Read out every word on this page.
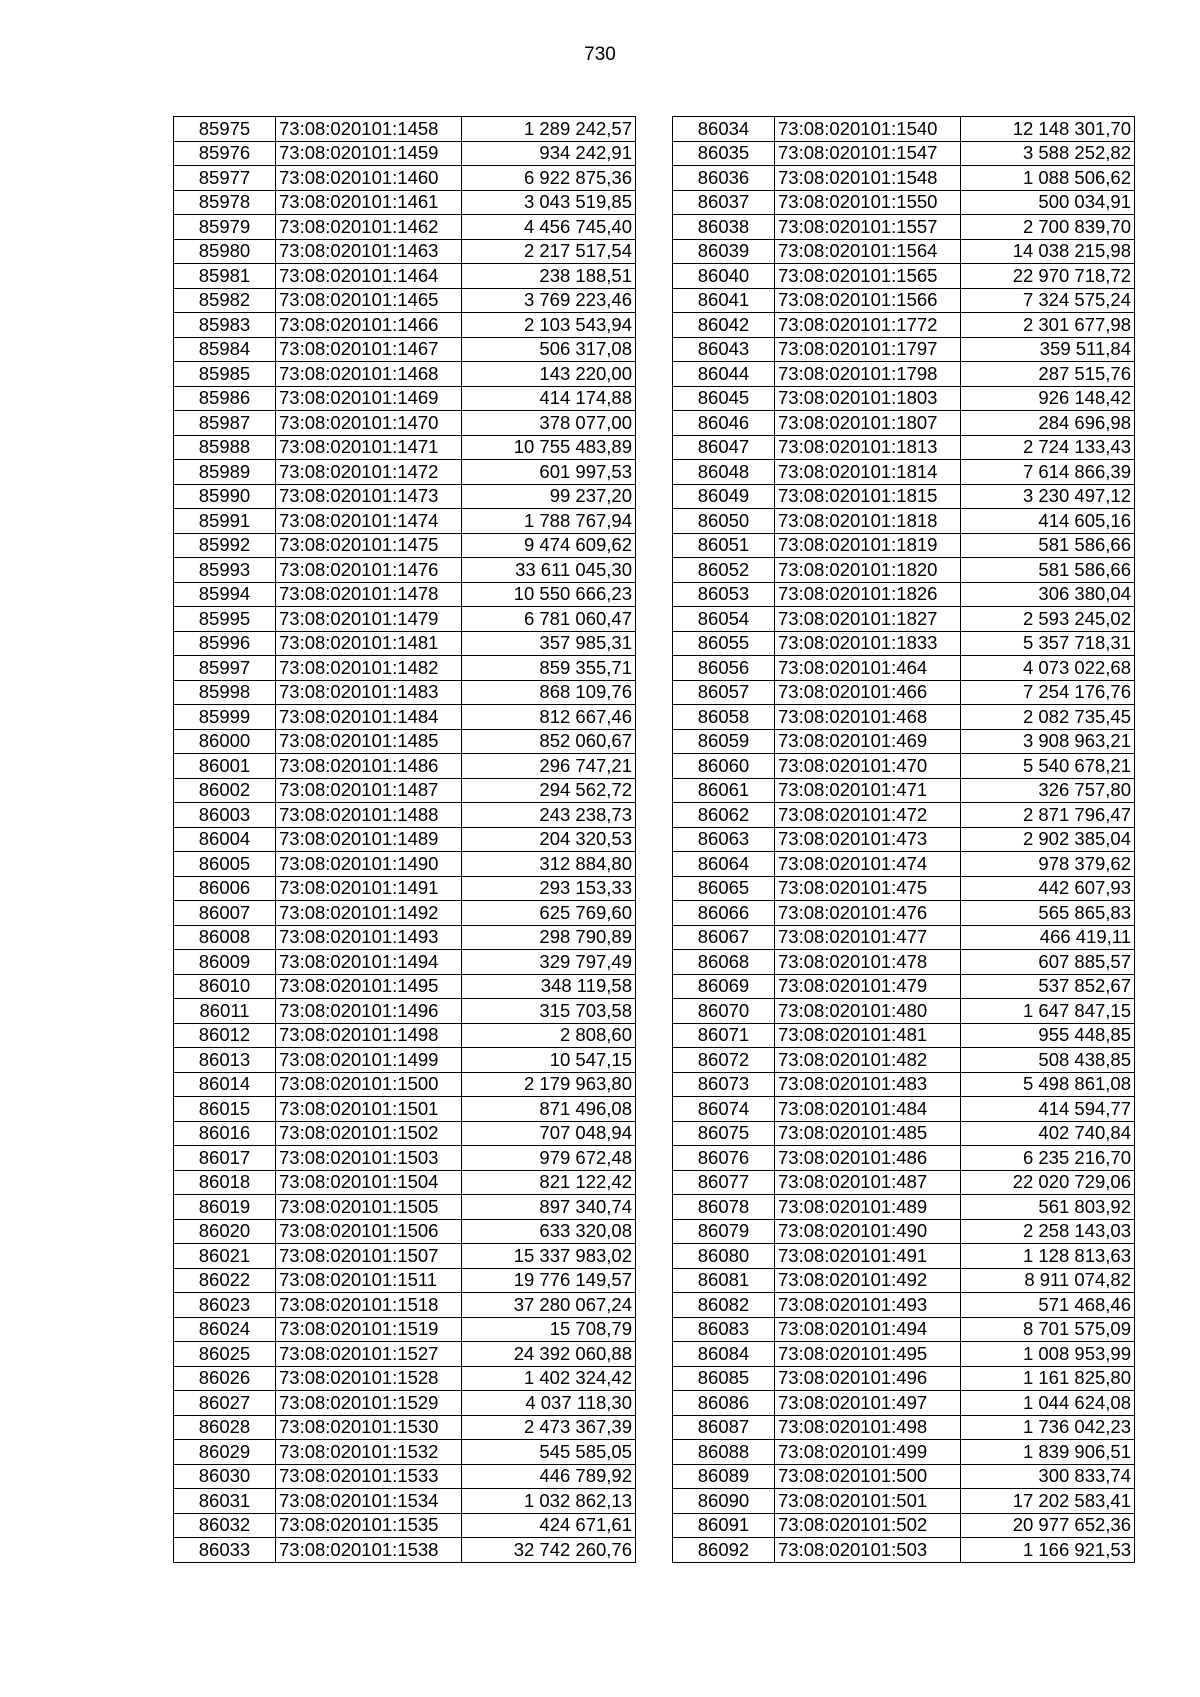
730
85975	73:08:020101:1458	1 289 242,57
85976	73:08:020101:1459	934 242,91
85977	73:08:020101:1460	6 922 875,36
85978	73:08:020101:1461	3 043 519,85
85979	73:08:020101:1462	4 456 745,40
85980	73:08:020101:1463	2 217 517,54
85981	73:08:020101:1464	238 188,51
85982	73:08:020101:1465	3 769 223,46
85983	73:08:020101:1466	2 103 543,94
85984	73:08:020101:1467	506 317,08
85985	73:08:020101:1468	143 220,00
85986	73:08:020101:1469	414 174,88
85987	73:08:020101:1470	378 077,00
85988	73:08:020101:1471	10 755 483,89
85989	73:08:020101:1472	601 997,53
85990	73:08:020101:1473	99 237,20
85991	73:08:020101:1474	1 788 767,94
85992	73:08:020101:1475	9 474 609,62
85993	73:08:020101:1476	33 611 045,30
85994	73:08:020101:1478	10 550 666,23
85995	73:08:020101:1479	6 781 060,47
85996	73:08:020101:1481	357 985,31
85997	73:08:020101:1482	859 355,71
85998	73:08:020101:1483	868 109,76
85999	73:08:020101:1484	812 667,46
86000	73:08:020101:1485	852 060,67
86001	73:08:020101:1486	296 747,21
86002	73:08:020101:1487	294 562,72
86003	73:08:020101:1488	243 238,73
86004	73:08:020101:1489	204 320,53
86005	73:08:020101:1490	312 884,80
86006	73:08:020101:1491	293 153,33
86007	73:08:020101:1492	625 769,60
86008	73:08:020101:1493	298 790,89
86009	73:08:020101:1494	329 797,49
86010	73:08:020101:1495	348 119,58
86011	73:08:020101:1496	315 703,58
86012	73:08:020101:1498	2 808,60
86013	73:08:020101:1499	10 547,15
86014	73:08:020101:1500	2 179 963,80
86015	73:08:020101:1501	871 496,08
86016	73:08:020101:1502	707 048,94
86017	73:08:020101:1503	979 672,48
86018	73:08:020101:1504	821 122,42
86019	73:08:020101:1505	897 340,74
86020	73:08:020101:1506	633 320,08
86021	73:08:020101:1507	15 337 983,02
86022	73:08:020101:1511	19 776 149,57
86023	73:08:020101:1518	37 280 067,24
86024	73:08:020101:1519	15 708,79
86025	73:08:020101:1527	24 392 060,88
86026	73:08:020101:1528	1 402 324,42
86027	73:08:020101:1529	4 037 118,30
86028	73:08:020101:1530	2 473 367,39
86029	73:08:020101:1532	545 585,05
86030	73:08:020101:1533	446 789,92
86031	73:08:020101:1534	1 032 862,13
86032	73:08:020101:1535	424 671,61
86033	73:08:020101:1538	32 742 260,76
86034	73:08:020101:1540	12 148 301,70
86035	73:08:020101:1547	3 588 252,82
86036	73:08:020101:1548	1 088 506,62
86037	73:08:020101:1550	500 034,91
86038	73:08:020101:1557	2 700 839,70
86039	73:08:020101:1564	14 038 215,98
86040	73:08:020101:1565	22 970 718,72
86041	73:08:020101:1566	7 324 575,24
86042	73:08:020101:1772	2 301 677,98
86043	73:08:020101:1797	359 511,84
86044	73:08:020101:1798	287 515,76
86045	73:08:020101:1803	926 148,42
86046	73:08:020101:1807	284 696,98
86047	73:08:020101:1813	2 724 133,43
86048	73:08:020101:1814	7 614 866,39
86049	73:08:020101:1815	3 230 497,12
86050	73:08:020101:1818	414 605,16
86051	73:08:020101:1819	581 586,66
86052	73:08:020101:1820	581 586,66
86053	73:08:020101:1826	306 380,04
86054	73:08:020101:1827	2 593 245,02
86055	73:08:020101:1833	5 357 718,31
86056	73:08:020101:464	4 073 022,68
86057	73:08:020101:466	7 254 176,76
86058	73:08:020101:468	2 082 735,45
86059	73:08:020101:469	3 908 963,21
86060	73:08:020101:470	5 540 678,21
86061	73:08:020101:471	326 757,80
86062	73:08:020101:472	2 871 796,47
86063	73:08:020101:473	2 902 385,04
86064	73:08:020101:474	978 379,62
86065	73:08:020101:475	442 607,93
86066	73:08:020101:476	565 865,83
86067	73:08:020101:477	466 419,11
86068	73:08:020101:478	607 885,57
86069	73:08:020101:479	537 852,67
86070	73:08:020101:480	1 647 847,15
86071	73:08:020101:481	955 448,85
86072	73:08:020101:482	508 438,85
86073	73:08:020101:483	5 498 861,08
86074	73:08:020101:484	414 594,77
86075	73:08:020101:485	402 740,84
86076	73:08:020101:486	6 235 216,70
86077	73:08:020101:487	22 020 729,06
86078	73:08:020101:489	561 803,92
86079	73:08:020101:490	2 258 143,03
86080	73:08:020101:491	1 128 813,63
86081	73:08:020101:492	8 911 074,82
86082	73:08:020101:493	571 468,46
86083	73:08:020101:494	8 701 575,09
86084	73:08:020101:495	1 008 953,99
86085	73:08:020101:496	1 161 825,80
86086	73:08:020101:497	1 044 624,08
86087	73:08:020101:498	1 736 042,23
86088	73:08:020101:499	1 839 906,51
86089	73:08:020101:500	300 833,74
86090	73:08:020101:501	17 202 583,41
86091	73:08:020101:502	20 977 652,36
86092	73:08:020101:503	1 166 921,53
